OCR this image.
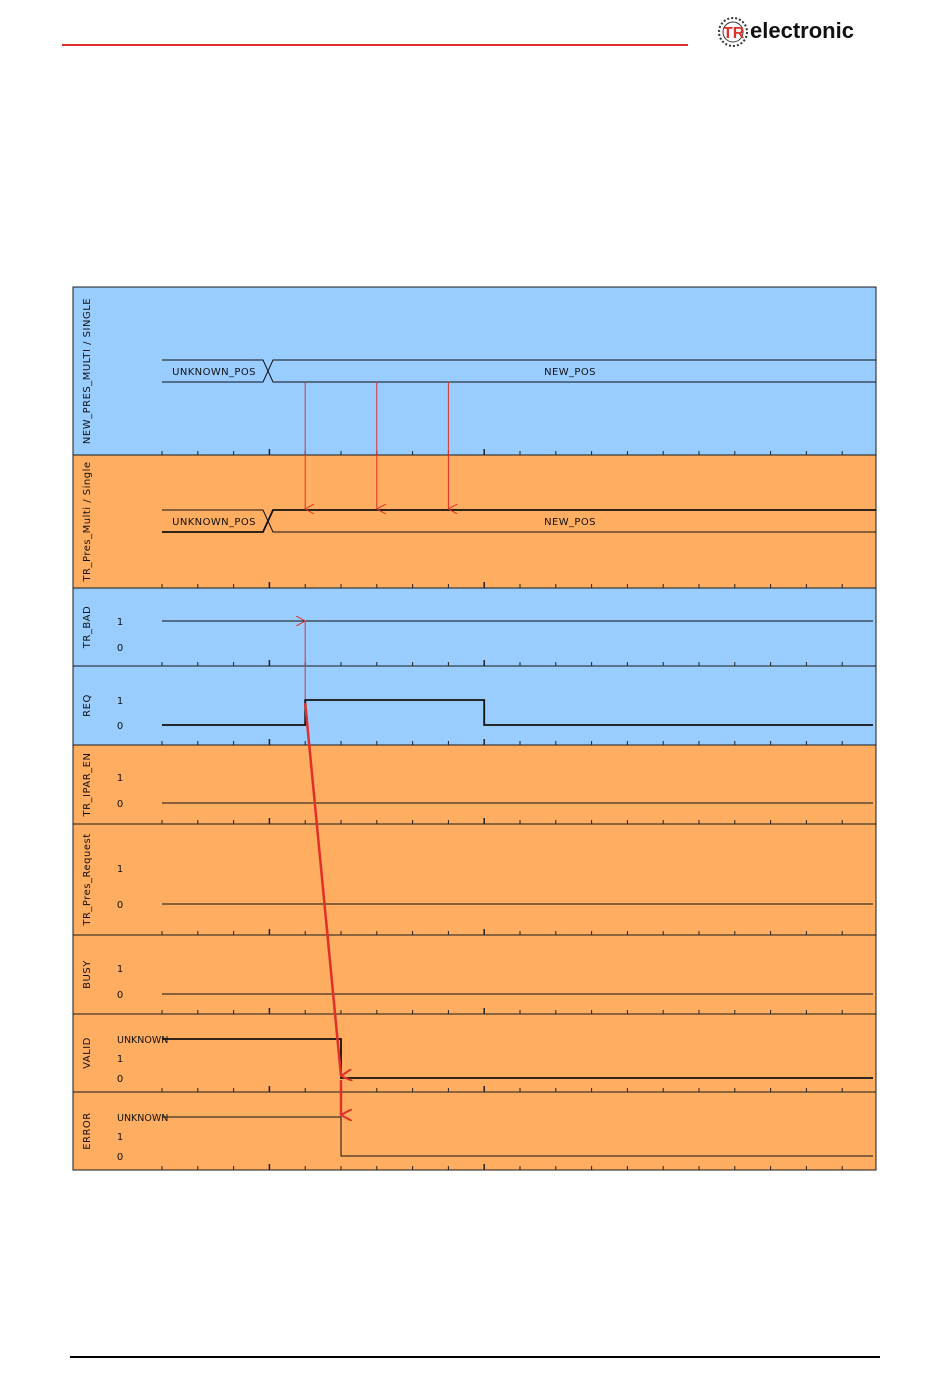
TR electronic
NEW_PRES_MULTI / SINGLE	UNKNOWN_POS	NEW_POS
TR_Pres_Multi / Single	UNKNOWN_POS	NEW_POS
TR_BAD 1
0
REQ 1
0
TR_IPAR_EN 1
0
TR_Pres_Request 1
0
BUSY 1
0
VALID	UNKNOWN
1
0
ERROR	UNKNOWN
1
0
